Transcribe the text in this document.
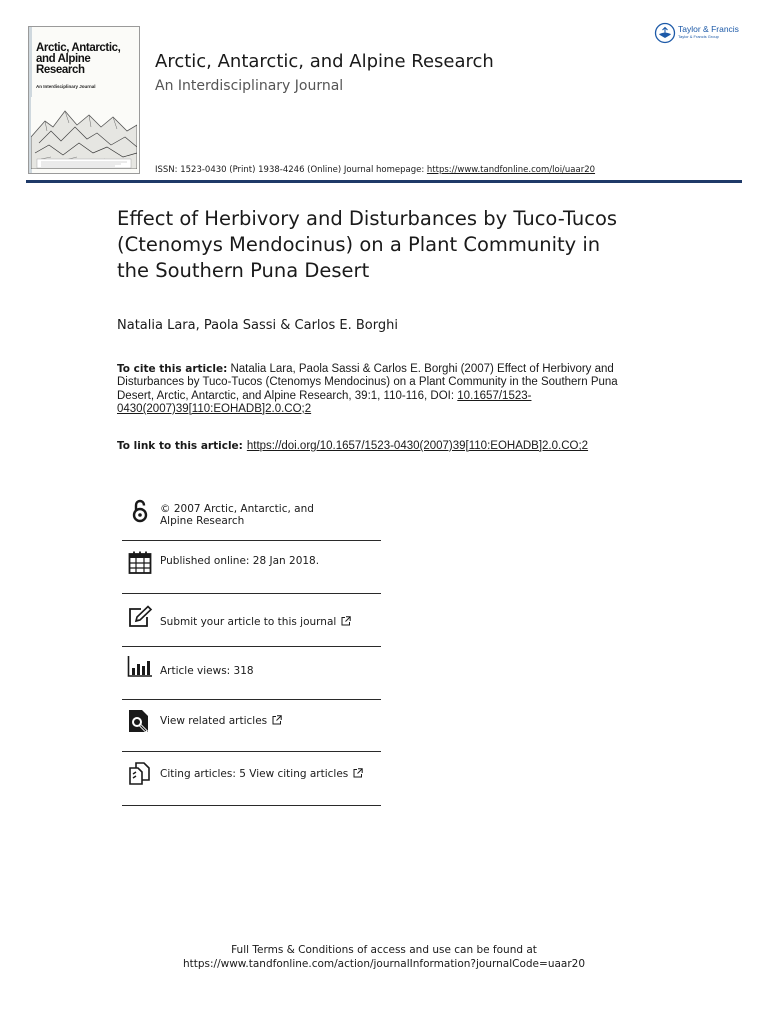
Arctic, Antarctic, and Alpine Research
An Interdisciplinary Journal
Arctic, Antarctic, and Alpine Research
An Interdisciplinary Journal
Taylor & Francis
Taylor & Francis Group
ISSN: 1523-0430 (Print) 1938-4246 (Online) Journal homepage: https://www.tandfonline.com/loi/uaar20
Effect of Herbivory and Disturbances by Tuco-Tucos (Ctenomys Mendocinus) on a Plant Community in the Southern Puna Desert
Natalia Lara, Paola Sassi & Carlos E. Borghi
To cite this article: Natalia Lara, Paola Sassi & Carlos E. Borghi (2007) Effect of Herbivory and Disturbances by Tuco-Tucos (Ctenomys Mendocinus) on a Plant Community in the Southern Puna Desert, Arctic, Antarctic, and Alpine Research, 39:1, 110-116, DOI: 10.1657/1523-0430(2007)39[110:EOHADB]2.0.CO;2
To link to this article: https://doi.org/10.1657/1523-0430(2007)39[110:EOHADB]2.0.CO;2
© 2007 Arctic, Antarctic, and Alpine Research
Published online: 28 Jan 2018.
Submit your article to this journal
Article views: 318
View related articles
Citing articles: 5 View citing articles
Full Terms & Conditions of access and use can be found at
https://www.tandfonline.com/action/journalInformation?journalCode=uaar20
